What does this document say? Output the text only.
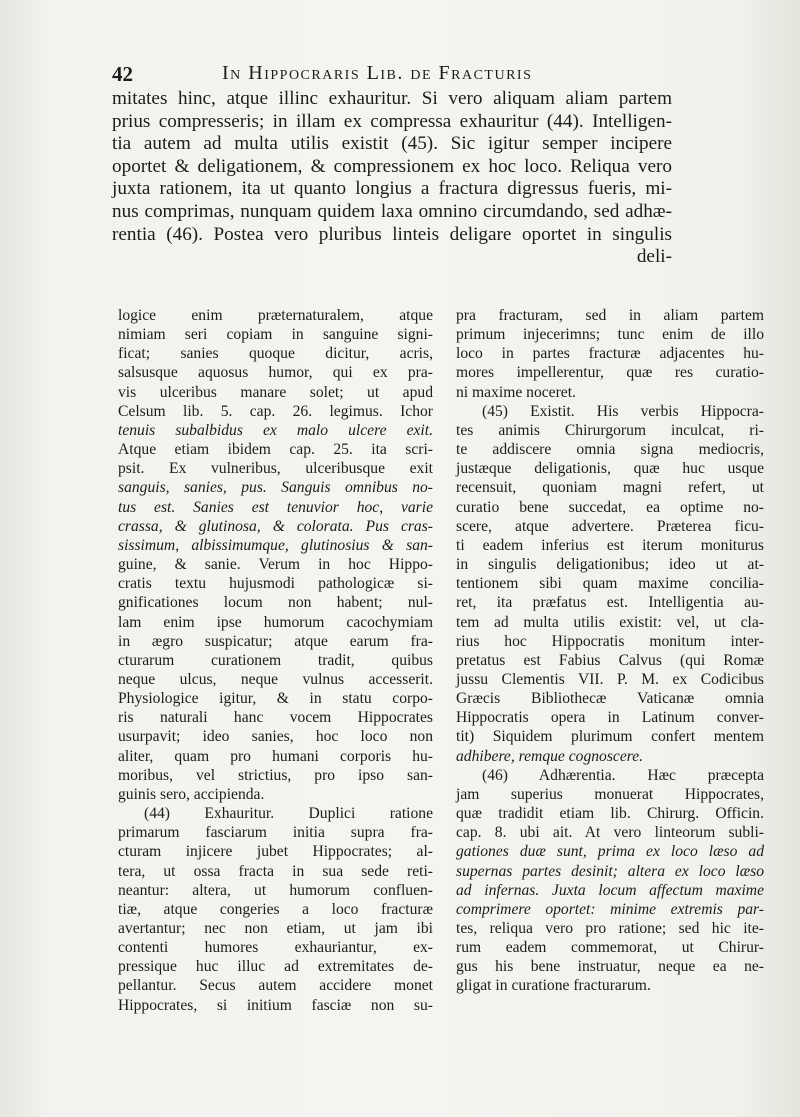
42	In Hippocraris Lib. de Fracturis
mitates hinc, atque illinc exhauritur. Si vero aliquam aliam partem
prius compresseris; in illam ex compressa exhauritur (44). Intelligen-
tia autem ad multa utilis existit (45). Sic igitur semper incipere
oportet & deligationem, & compressionem ex hoc loco. Reliqua vero
juxta rationem, ita ut quanto longius a fractura digressus fueris, mi-
nus comprimas, nunquam quidem laxa omnino circumdando, sed adhæ-
rentia (46). Postea vero pluribus linteis deligare oportet in singulis
deli-
logice enim præternaturalem, atque
nimiam seri copiam in sanguine signi-
ficat; sanies quoque dicitur, acris,
salsusque aquosus humor, qui ex pra-
vis ulceribus manare solet; ut apud
Celsum lib. 5. cap. 26. legimus. Ichor
tenuis subalbidus ex malo ulcere exit.
Atque etiam ibidem cap. 25. ita scri-
psit. Ex vulneribus, ulceribusque exit
sanguis, sanies, pus. Sanguis omnibus no-
tus est. Sanies est tenuvior hoc, varie
crassa, & glutinosa, & colorata. Pus cras-
sissimum, albissimumque, glutinosius & san-
guine, & sanie. Verum in hoc Hippo-
cratis textu hujusmodi pathologicæ si-
gnificationes locum non habent; nul-
lam enim ipse humorum cacochymiam
in ægro suspicatur; atque earum fra-
cturarum curationem tradit, quibus
neque ulcus, neque vulnus accesserit.
Physiologice igitur, & in statu corpo-
ris naturali hanc vocem Hippocrates
usurpavit; ideo sanies, hoc loco non
aliter, quam pro humani corporis hu-
moribus, vel strictius, pro ipso san-
guinis sero, accipienda.
(44) Exhauritur. Duplici ratione
primarum fasciarum initia supra fra-
cturam injicere jubet Hippocrates; al-
tera, ut ossa fracta in sua sede reti-
neantur: altera, ut humorum confluen-
tiæ, atque congeries a loco fracturæ
avertantur; nec non etiam, ut jam ibi
contenti humores exhauriantur, ex-
pressique huc illuc ad extremitates de-
pellantur. Secus autem accidere monet
Hippocrates, si initium fasciæ non su-
pra fracturam, sed in aliam partem
primum injecerimns; tunc enim de illo
loco in partes fracturæ adjacentes hu-
mores impellerentur, quæ res curatio-
ni maxime noceret.
(45) Existit. His verbis Hippocra-
tes animis Chirurgorum inculcat, ri-
te addiscere omnia signa mediocris,
justæque deligationis, quæ huc usque
recensuit, quoniam magni refert, ut
curatio bene succedat, ea optime no-
scere, atque advertere. Præterea ficu-
ti eadem inferius est iterum moniturus
in singulis deligationibus; ideo ut at-
tentionem sibi quam maxime concilia-
ret, ita præfatus est. Intelligentia au-
tem ad multa utilis existit: vel, ut cla-
rius hoc Hippocratis monitum inter-
pretatus est Fabius Calvus (qui Romæ
jussu Clementis VII. P. M. ex Codicibus
Græcis Bibliothecæ Vaticanæ omnia
Hippocratis opera in Latinum conver-
tit) Siquidem plurimum confert mentem
adhibere, remque cognoscere.
(46) Adhærentia. Hæc præcepta
jam superius monuerat Hippocrates,
quæ tradidit etiam lib. Chirurg. Officin.
cap. 8. ubi ait. At vero linteorum subli-
gationes duæ sunt, prima ex loco læso ad
supernas partes desinit; altera ex loco læso
ad infernas. Juxta locum affectum maxime
comprimere oportet: minime extremis par-
tes, reliqua vero pro ratione; sed hic ite-
rum eadem commemorat, ut Chirur-
gus his bene instruatur, neque ea ne-
gligat in curatione fracturarum.
